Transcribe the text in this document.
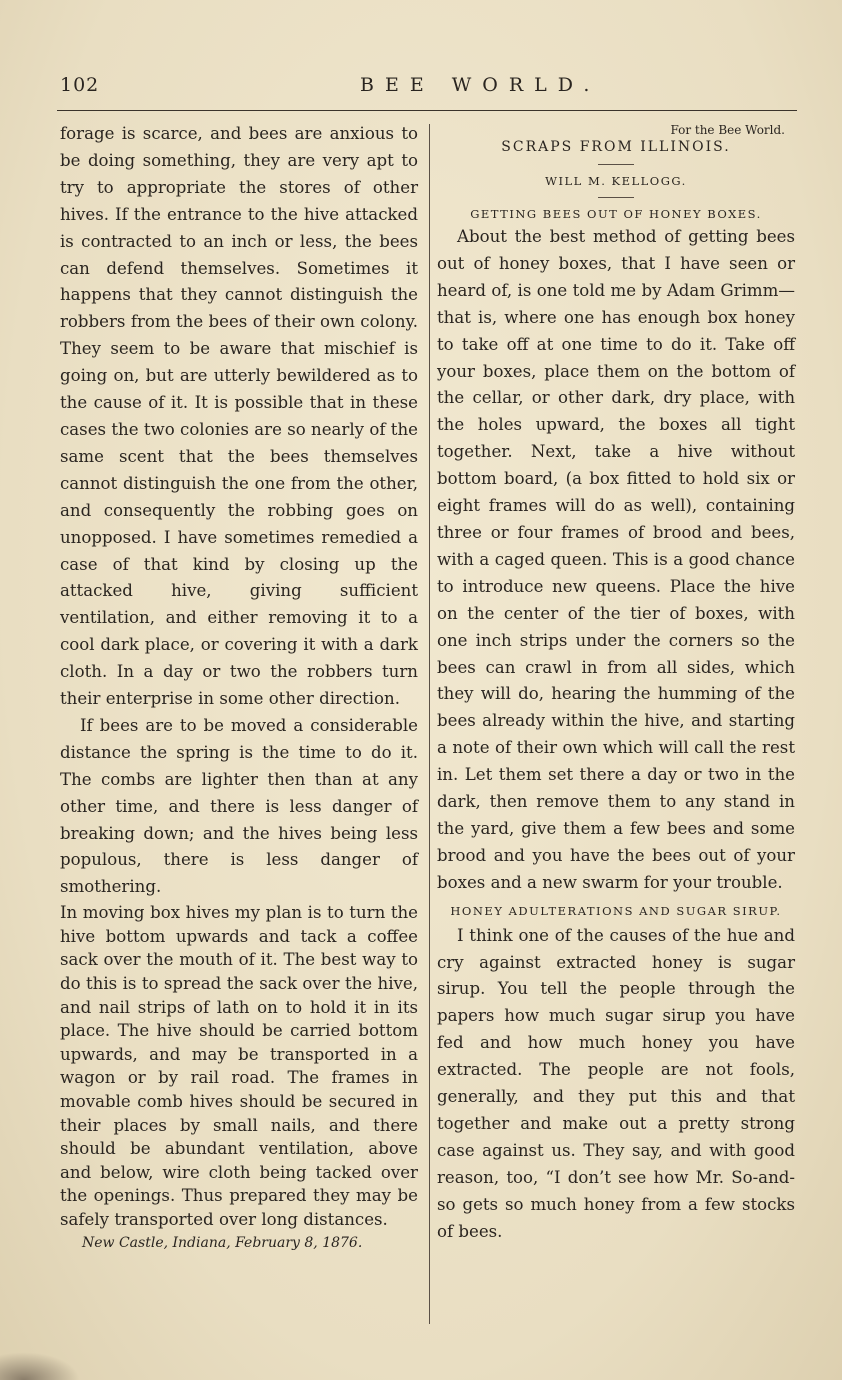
102	BEE WORLD.

forage is scarce, and bees are anxious to be doing something, they are very apt to try to appropriate the stores of other hives. If the entrance to the hive attacked is contracted to an inch or less, the bees can defend themselves. Sometimes it happens that they cannot distinguish the robbers from the bees of their own colony. They seem to be aware that mischief is going on, but are utterly bewildered as to the cause of it. It is possible that in these cases the two colonies are so nearly of the same scent that the bees themselves cannot distinguish the one from the other, and consequently the robbing goes on unopposed. I have sometimes remedied a case of that kind by closing up the attacked hive, giving sufficient ventilation, and either removing it to a cool dark place, or covering it with a dark cloth. In a day or two the robbers turn their enterprise in some other direction.

If bees are to be moved a considerable distance the spring is the time to do it. The combs are lighter then than at any other time, and there is less danger of breaking down; and the hives being less populous, there is less danger of smothering.

In moving box hives my plan is to turn the hive bottom upwards and tack a coffee sack over the mouth of it. The best way to do this is to spread the sack over the hive, and nail strips of lath on to hold it in its place. The hive should be carried bottom upwards, and may be transported in a wagon or by rail road. The frames in movable comb hives should be secured in their places by small nails, and there should be abundant ventilation, above and below, wire cloth being tacked over the openings. Thus prepared they may be safely transported over long distances.

New Castle, Indiana, February 8, 1876.

For the Bee World.
SCRAPS FROM ILLINOIS.
WILL M. KELLOGG.
GETTING BEES OUT OF HONEY BOXES.

About the best method of getting bees out of honey boxes, that I have seen or heard of, is one told me by Adam Grimm—that is, where one has enough box honey to take off at one time to do it. Take off your boxes, place them on the bottom of the cellar, or other dark, dry place, with the holes upward, the boxes all tight together. Next, take a hive without bottom board, (a box fitted to hold six or eight frames will do as well), containing three or four frames of brood and bees, with a caged queen. This is a good chance to introduce new queens. Place the hive on the center of the tier of boxes, with one inch strips under the corners so the bees can crawl in from all sides, which they will do, hearing the humming of the bees already within the hive, and starting a note of their own which will call the rest in. Let them set there a day or two in the dark, then remove them to any stand in the yard, give them a few bees and some brood and you have the bees out of your boxes and a new swarm for your trouble.

HONEY ADULTERATIONS AND SUGAR SIRUP.

I think one of the causes of the hue and cry against extracted honey is sugar sirup. You tell the people through the papers how much sugar sirup you have fed and how much honey you have extracted. The people are not fools, generally, and they put this and that together and make out a pretty strong case against us. They say, and with good reason, too, “I don’t see how Mr. So-and-so gets so much honey from a few stocks of bees.
